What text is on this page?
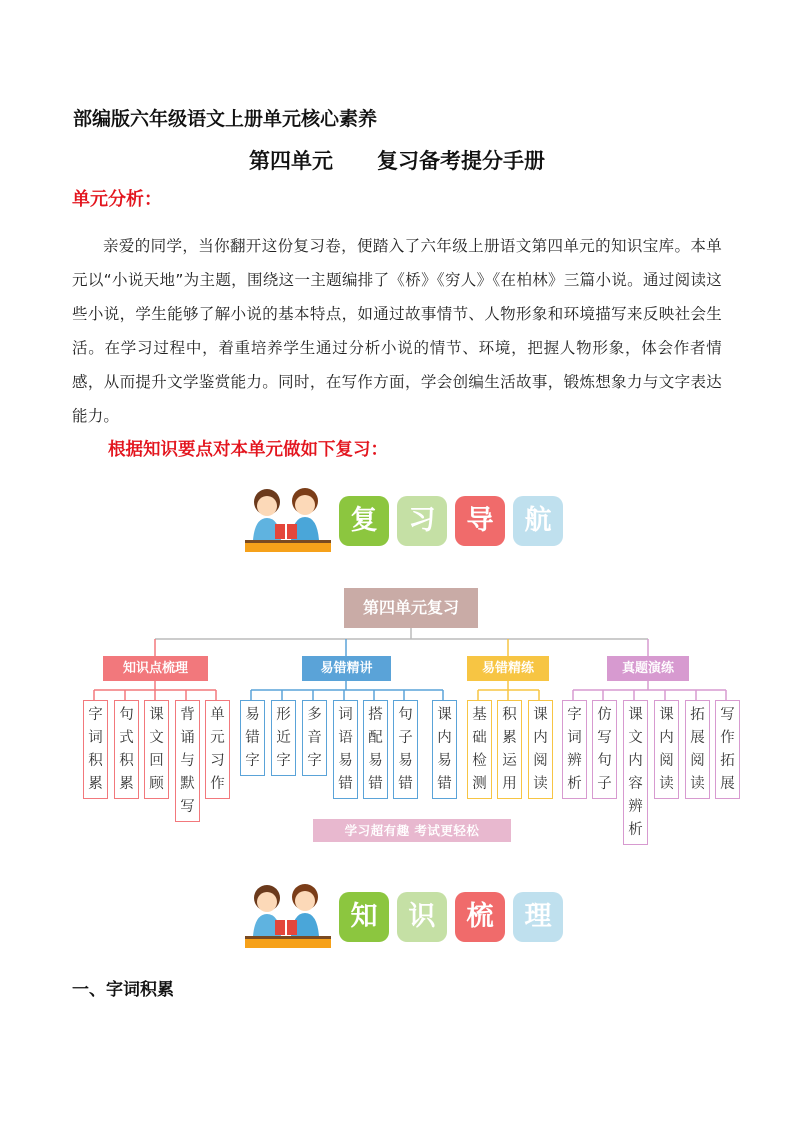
部编版六年级语文上册单元核心素养
第四单元 复习备考提分手册
单元分析：
亲爱的同学，当你翻开这份复习卷，便踏入了六年级上册语文第四单元的知识宝库。本单元以“小说天地”为主题，围绕这一主题编排了《桥》《穷人》《在柏林》三篇小说。通过阅读这些小说，学生能够了解小说的基本特点，如通过故事情节、人物形象和环境描写来反映社会生活。在学习过程中，着重培养学生通过分析小说的情节、环境，把握人物形象，体会作者情感，从而提升文学鉴赏能力。同时，在写作方面，学会创编生活故事，锻炼想象力与文字表达能力。
根据知识要点对本单元做如下复习：
复	习	导	航
第四单元复习
知识点梳理	易错精讲	易错精练	真题演练
字
词
积
累
句
式
积
累
课
文
回
顾
背
诵
与
默
写
单
元
习
作
易
错
字
形
近
字
多
音
字
词
语
易
错
搭
配
易
错
句
子
易
错
课
内
易
错
基
础
检
测
积
累
运
用
课
内
阅
读
字
词
辨
析
仿
写
句
子
课
文
内
容
辨
析
课
内
阅
读
拓
展
阅
读
写
作
拓
展
学习超有趣 考试更轻松
知	识	梳	理
一、字词积累
